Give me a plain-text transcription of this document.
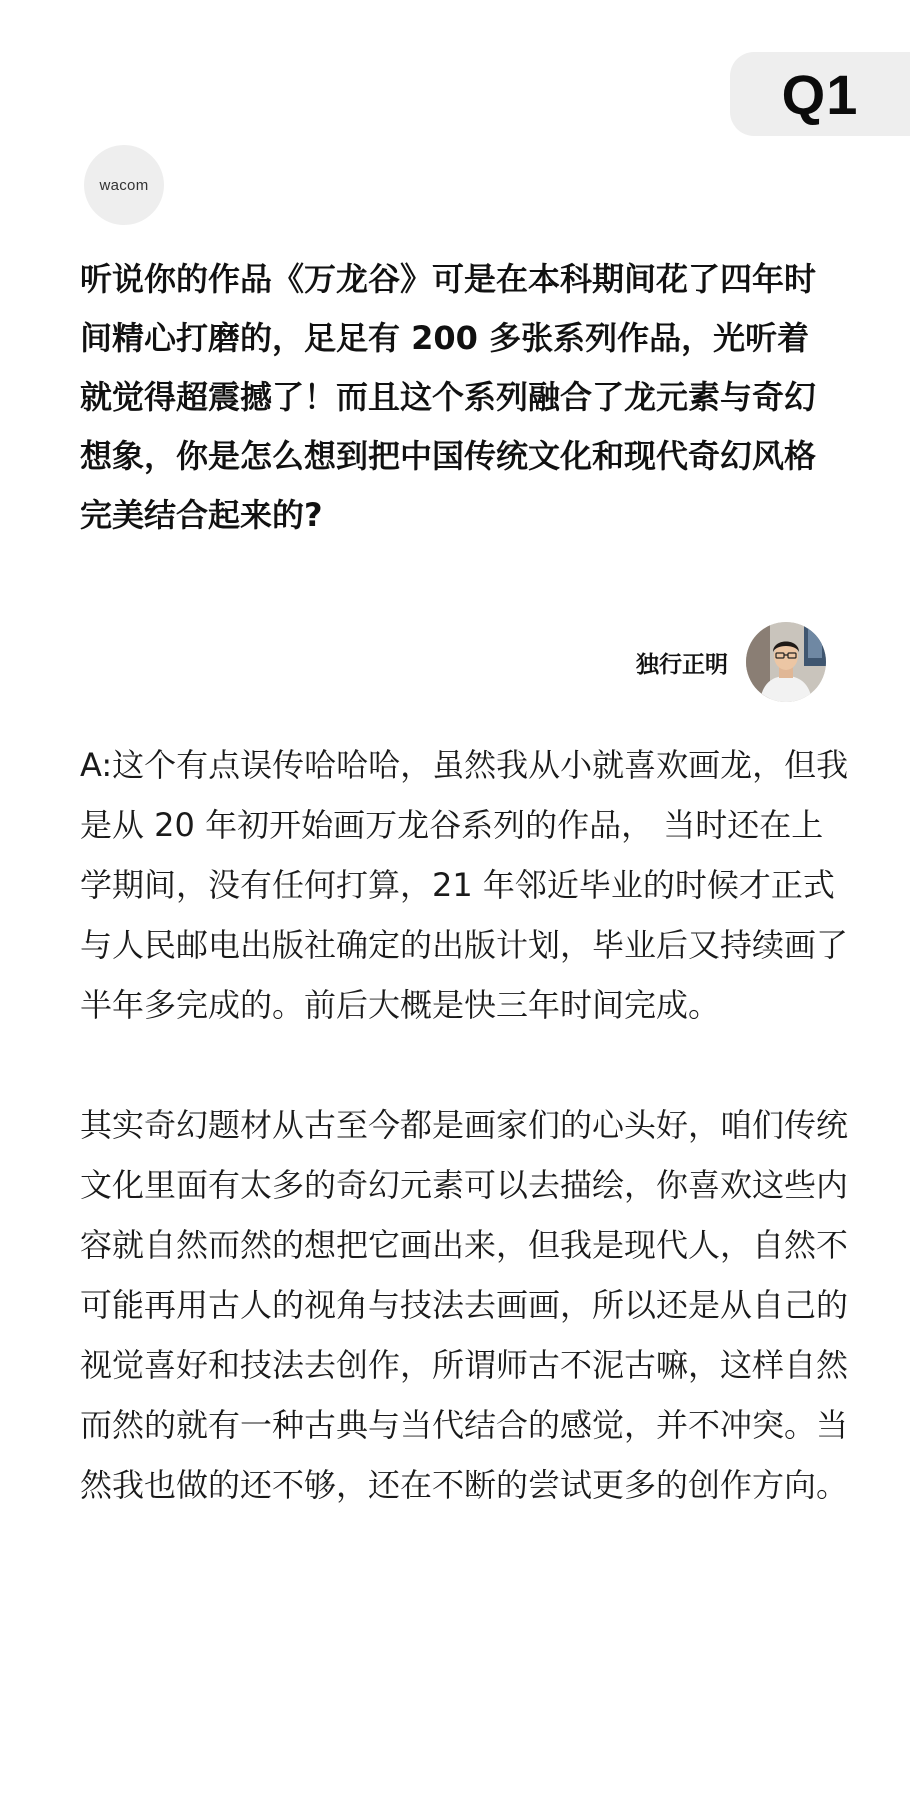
Q1
wacom

听说你的作品《万龙谷》可是在本科期间花了四年时间精心打磨的，足足有 200 多张系列作品，光听着就觉得超震撼了！而且这个系列融合了龙元素与奇幻想象，你是怎么想到把中国传统文化和现代奇幻风格完美结合起来的?

独行正明

A:这个有点误传哈哈哈，虽然我从小就喜欢画龙，但我是从 20 年初开始画万龙谷系列的作品， 当时还在上学期间，没有任何打算，21 年邻近毕业的时候才正式与人民邮电出版社确定的出版计划，毕业后又持续画了半年多完成的。前后大概是快三年时间完成。

其实奇幻题材从古至今都是画家们的心头好，咱们传统文化里面有太多的奇幻元素可以去描绘，你喜欢这些内容就自然而然的想把它画出来，但我是现代人，自然不可能再用古人的视角与技法去画画，所以还是从自己的视觉喜好和技法去创作，所谓师古不泥古嘛，这样自然而然的就有一种古典与当代结合的感觉，并不冲突。当然我也做的还不够，还在不断的尝试更多的创作方向。
